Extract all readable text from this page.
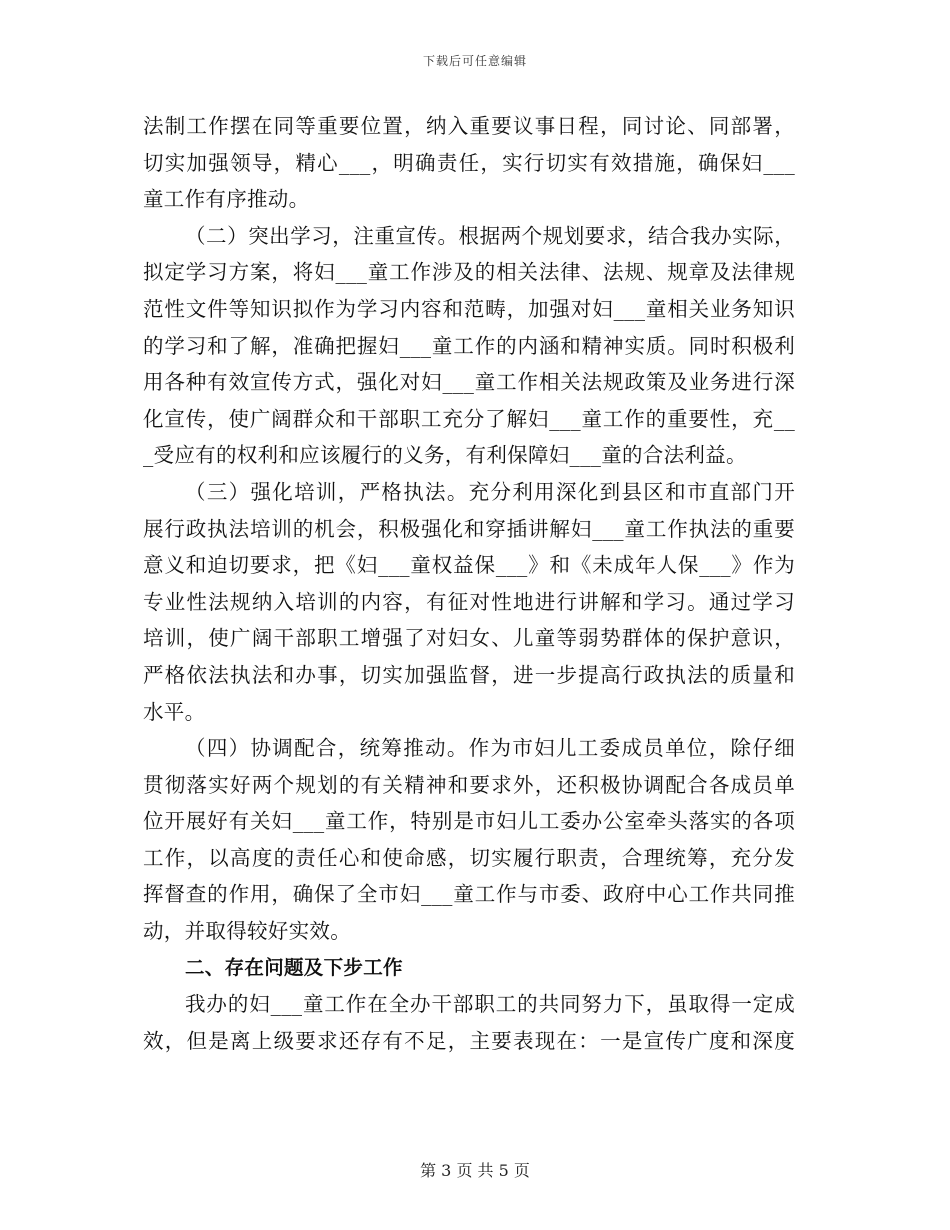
下载后可任意编辑
法制工作摆在同等重要位置，纳入重要议事日程，同讨论、同部署，
切实加强领导，精心___，明确责任，实行切实有效措施，确保妇___
童工作有序推动。
（二）突出学习，注重宣传。根据两个规划要求，结合我办实际，
拟定学习方案，将妇___童工作涉及的相关法律、法规、规章及法律规
范性文件等知识拟作为学习内容和范畴，加强对妇___童相关业务知识
的学习和了解，准确把握妇___童工作的内涵和精神实质。同时积极利
用各种有效宣传方式，强化对妇___童工作相关法规政策及业务进行深
化宣传，使广阔群众和干部职工充分了解妇___童工作的重要性，充__
_受应有的权利和应该履行的义务，有利保障妇___童的合法利益。
（三）强化培训，严格执法。充分利用深化到县区和市直部门开
展行政执法培训的机会，积极强化和穿插讲解妇___童工作执法的重要
意义和迫切要求，把《妇___童权益保___》和《未成年人保___》作为
专业性法规纳入培训的内容，有征对性地进行讲解和学习。通过学习
培训，使广阔干部职工增强了对妇女、儿童等弱势群体的保护意识，
严格依法执法和办事，切实加强监督，进一步提高行政执法的质量和
水平。
（四）协调配合，统筹推动。作为市妇儿工委成员单位，除仔细
贯彻落实好两个规划的有关精神和要求外，还积极协调配合各成员单
位开展好有关妇___童工作，特别是市妇儿工委办公室牵头落实的各项
工作，以高度的责任心和使命感，切实履行职责，合理统筹，充分发
挥督查的作用，确保了全市妇___童工作与市委、政府中心工作共同推
动，并取得较好实效。
二、存在问题及下步工作
我办的妇___童工作在全办干部职工的共同努力下，虽取得一定成
效，但是离上级要求还存有不足，主要表现在：一是宣传广度和深度
第 3 页 共 5 页
